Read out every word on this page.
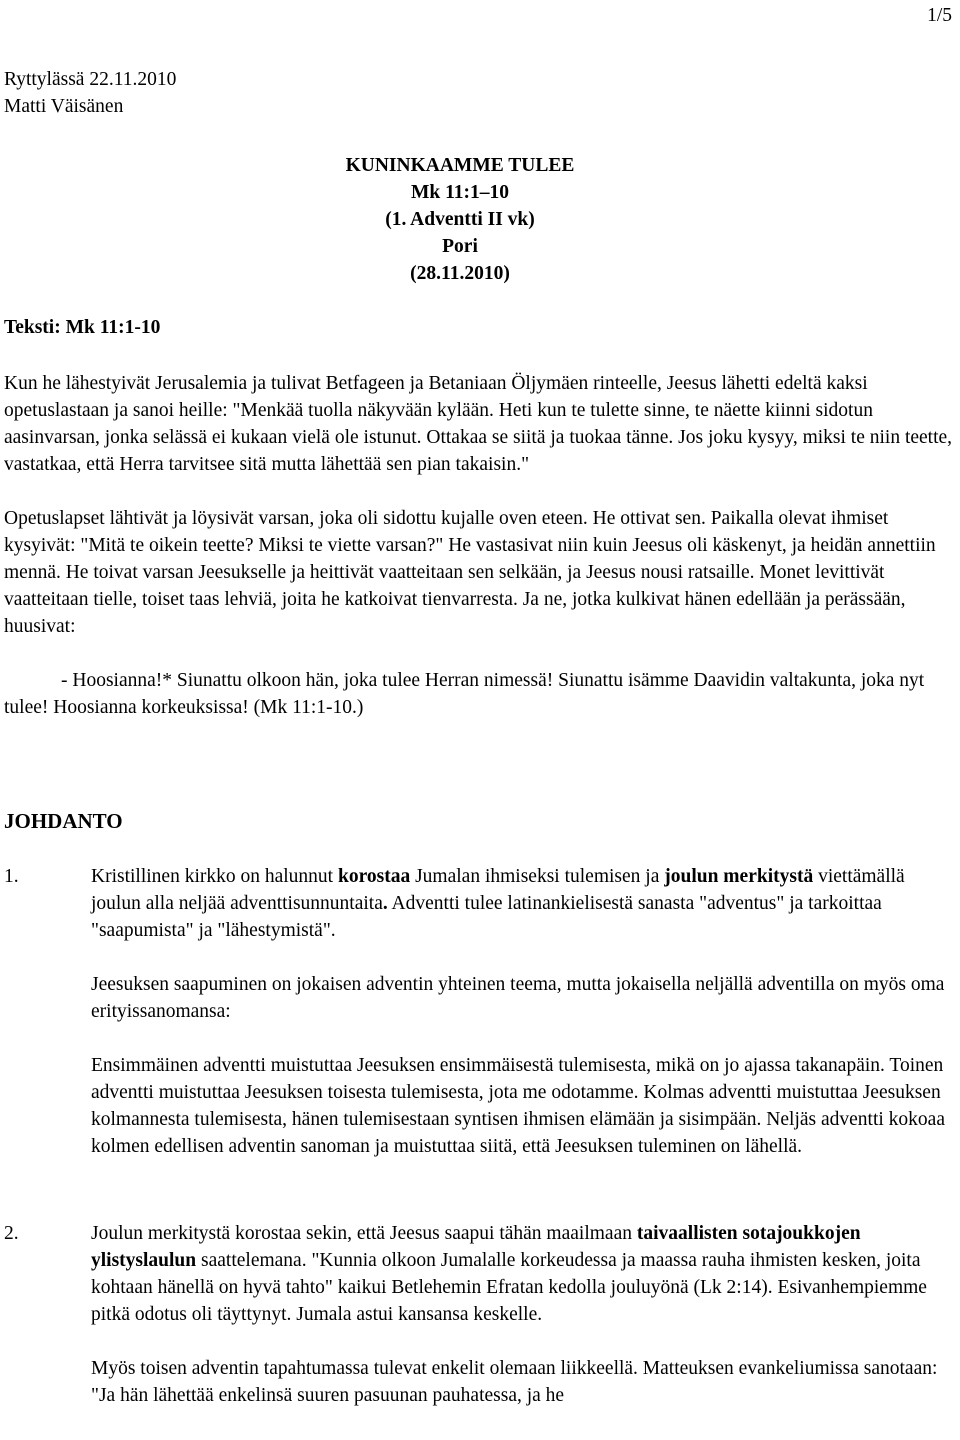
1/5
Ryttylässä 22.11.2010
Matti Väisänen
KUNINKAAMME TULEE
Mk 11:1–10
(1. Adventti II vk)
Pori
(28.11.2010)
Teksti: Mk 11:1-10

Kun he lähestyivät Jerusalemia ja tulivat Betfageen ja Betaniaan Öljymäen rinteelle, Jeesus lähetti edeltä kaksi opetuslastaan ja sanoi heille: "Menkää tuolla näkyvään kylään. Heti kun te tulette sinne, te näette kiinni sidotun aasinvarsan, jonka selässä ei kukaan vielä ole istunut. Ottakaa se siitä ja tuokaa tänne. Jos joku kysyy, miksi te niin teette, vastatkaa, että Herra tarvitsee sitä mutta lähettää sen pian takaisin."

Opetuslapset lähtivät ja löysivät varsan, joka oli sidottu kujalle oven eteen. He ottivat sen. Paikalla olevat ihmiset kysyivät: "Mitä te oikein teette? Miksi te viette varsan?" He vastasivat niin kuin Jeesus oli käskenyt, ja heidän annettiin mennä. He toivat varsan Jeesukselle ja heittivät vaatteitaan sen selkään, ja Jeesus nousi ratsaille. Monet levittivät vaatteitaan tielle, toiset taas lehviä, joita he katkoivat tienvarresta. Ja ne, jotka kulkivat hänen edellään ja perässään, huusivat:

- Hoosianna!* Siunattu olkoon hän, joka tulee Herran nimessä! Siunattu isämme Daavidin valtakunta, joka nyt tulee! Hoosianna korkeuksissa! (Mk 11:1-10.)

JOHDANTO
1.	Kristillinen kirkko on halunnut korostaa Jumalan ihmiseksi tulemisen ja joulun merkitystä viettämällä joulun alla neljää adventtisunnuntaita. Adventti tulee latinankielisestä sanasta "adventus" ja tarkoittaa "saapumista" ja "lähestymistä".

Jeesuksen saapuminen on jokaisen adventin yhteinen teema, mutta jokaisella neljällä adventilla on myös oma erityissanomansa:

Ensimmäinen adventti muistuttaa Jeesuksen ensimmäisestä tulemisesta, mikä on jo ajassa takanapäin. Toinen adventti muistuttaa Jeesuksen toisesta tulemisesta, jota me odotamme. Kolmas adventti muistuttaa Jeesuksen kolmannesta tulemisesta, hänen tulemisestaan syntisen ihmisen elämään ja sisimpään. Neljäs adventti kokoaa kolmen edellisen adventin sanoman ja muistuttaa siitä, että Jeesuksen tuleminen on lähellä.

2.	Joulun merkitystä korostaa sekin, että Jeesus saapui tähän maailmaan taivaallisten sotajoukkojen ylistyslaulun saattelemana. "Kunnia olkoon Jumalalle korkeudessa ja maassa rauha ihmisten kesken, joita kohtaan hänellä on hyvä tahto" kaikui Betlehemin Efratan kedolla jouluyönä (Lk 2:14). Esivanhempiemme pitkä odotus oli täyttynyt. Jumala astui kansansa keskelle.

Myös toisen adventin tapahtumassa tulevat enkelit olemaan liikkeellä. Matteuksen evankeliumissa sanotaan: "Ja hän lähettää enkelinsä suuren pasuunan pauhatessa, ja he
